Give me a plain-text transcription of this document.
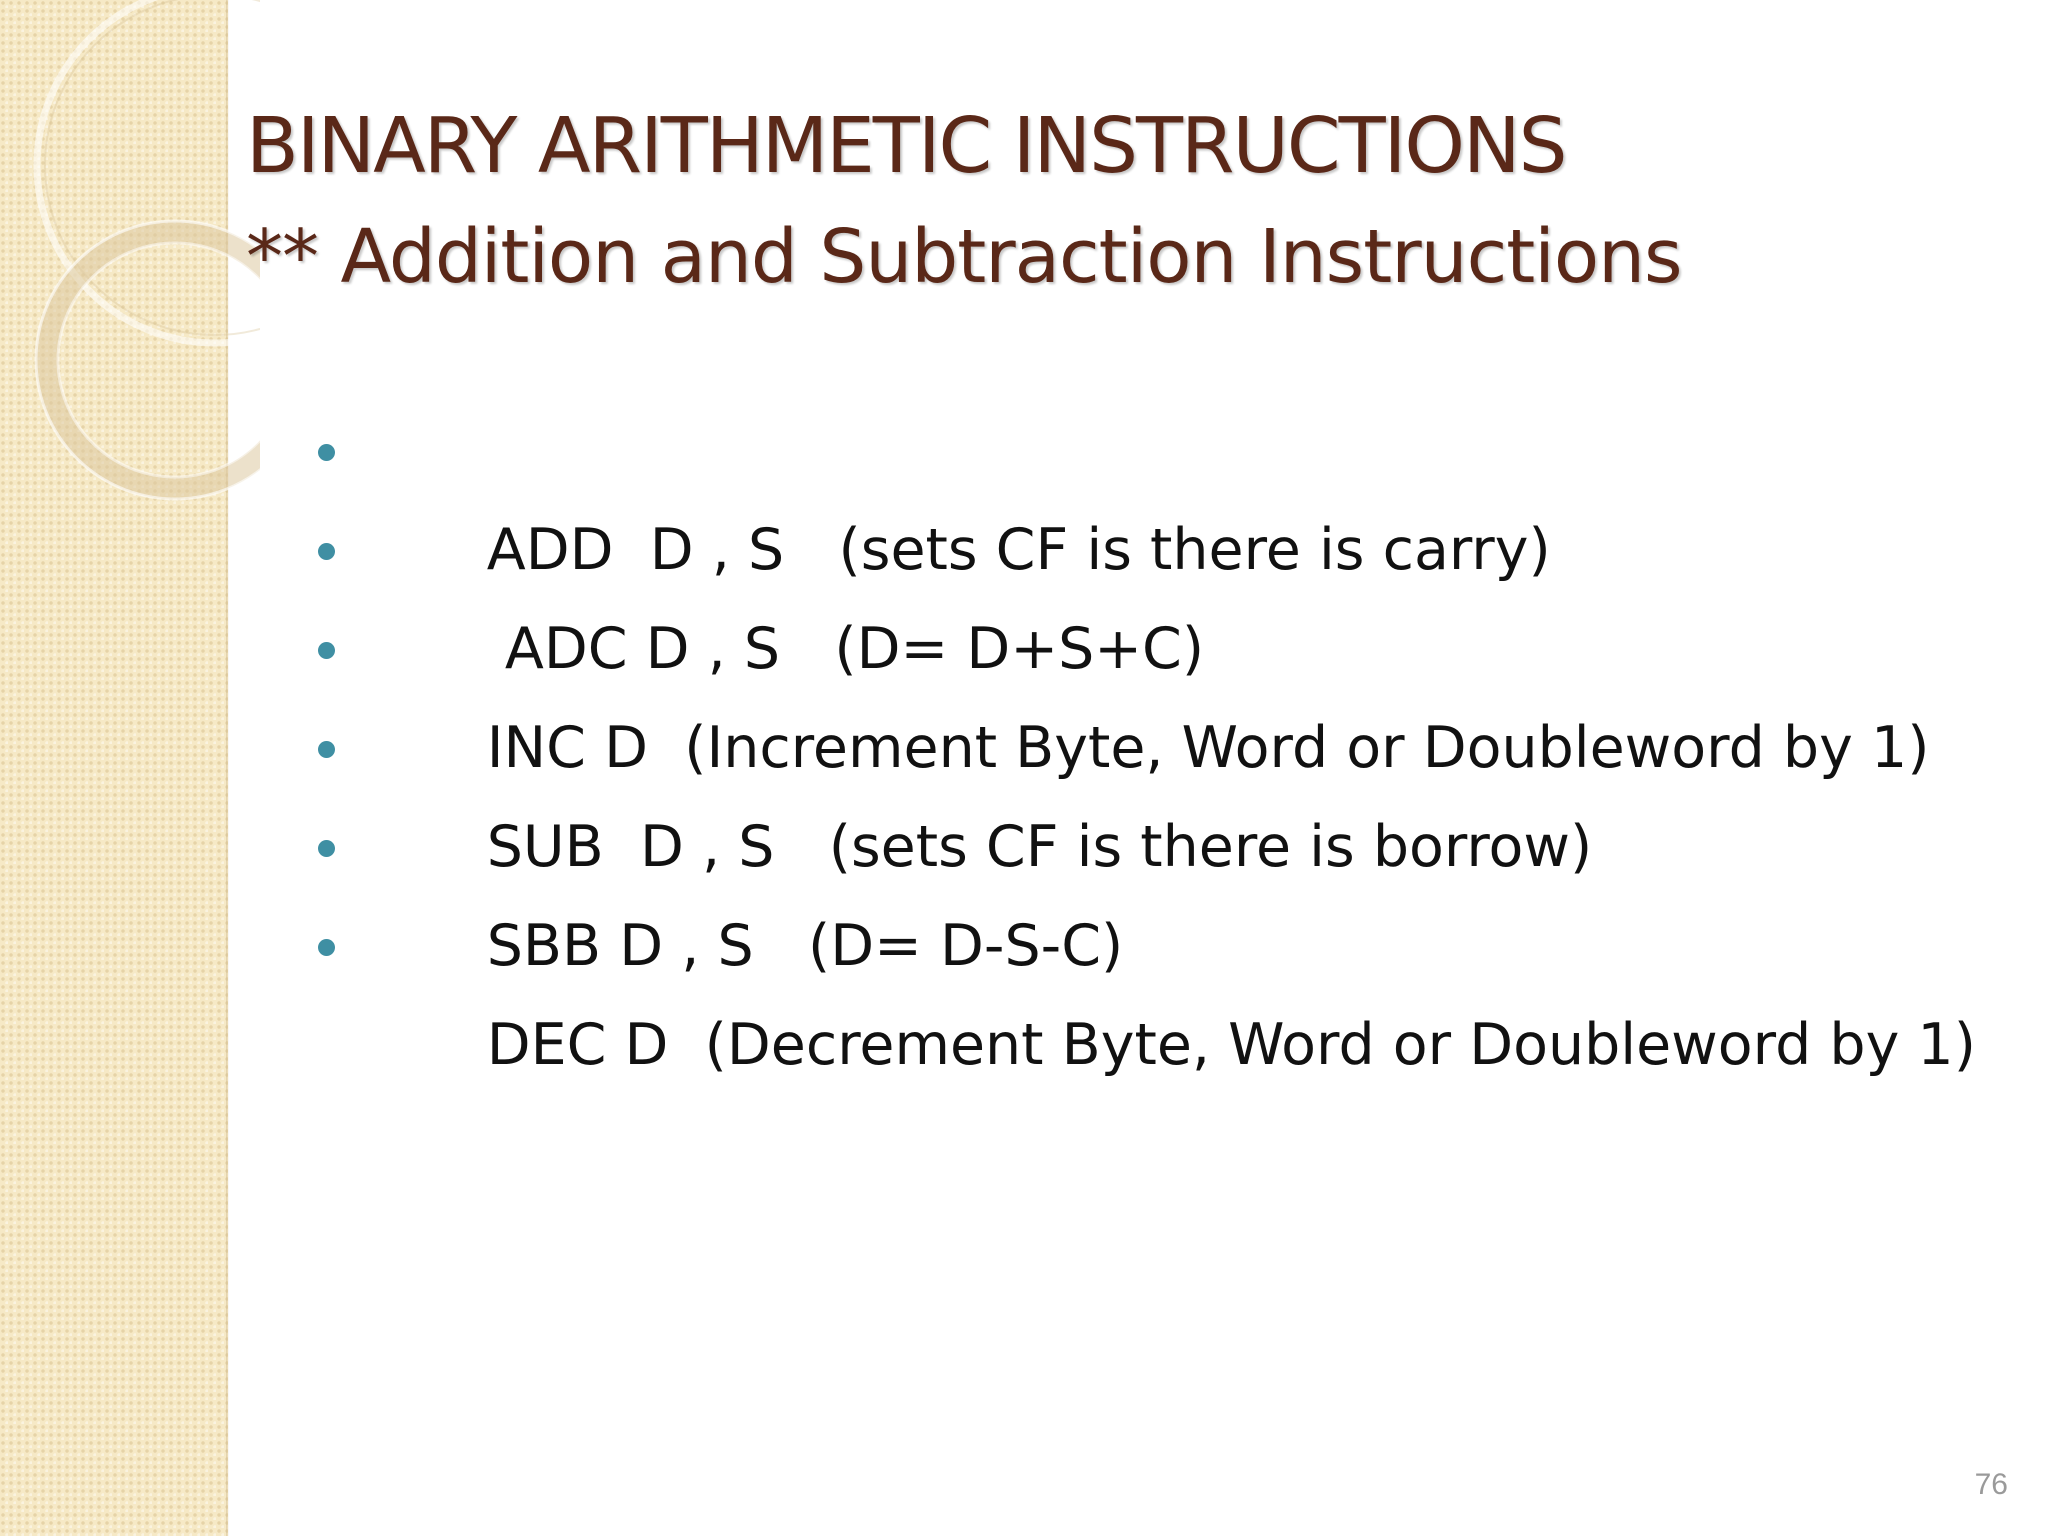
BINARY ARITHMETIC INSTRUCTIONS
** Addition and Subtraction Instructions

ADD  D , S   (sets CF is there is carry)

ADC D , S   (D= D+S+C)

INC D  (Increment Byte, Word or Doubleword by 1)

SUB  D , S   (sets CF is there is borrow)

SBB D , S   (D= D-S-C)

DEC D  (Decrement Byte, Word or Doubleword by 1)

76
